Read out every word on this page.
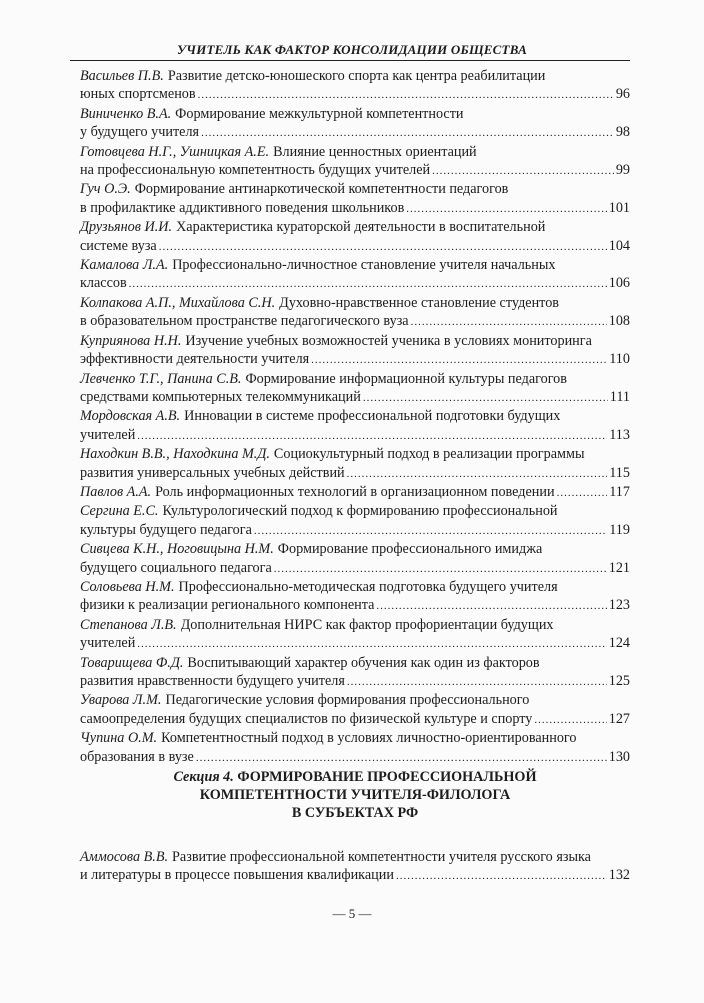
УЧИТЕЛЬ КАК ФАКТОР КОНСОЛИДАЦИИ ОБЩЕСТВА
Васильев П.В. Развитие детско-юношеского спорта как центра реабилитации
юных спортсменов .....	96
Виниченко В.А. Формирование межкультурной компетентности
у будущего учителя .....	98
Готовцева Н.Г., Ушницкая А.Е. Влияние ценностных ориентаций
на профессиональную компетентность будущих учителей .....	99
Гуч О.Э. Формирование антинаркотической компетентности педагогов
в профилактике аддиктивного поведения школьников .....	101
Друзьянов И.И. Характеристика кураторской деятельности в воспитательной
системе вуза .....	104
Камалова Л.А. Профессионально-личностное становление учителя начальных
классов .....	106
Колпакова А.П., Михайлова С.Н. Духовно-нравственное становление студентов
в образовательном пространстве педагогического вуза .....	108
Куприянова Н.Н. Изучение учебных возможностей ученика в условиях мониторинга
эффективности деятельности учителя .....	110
Левченко Т.Г., Панина С.В. Формирование информационной культуры педагогов
средствами компьютерных телекоммуникаций .....	111
Мордовская А.В. Инновации в системе профессиональной подготовки будущих
учителей .....	113
Находкин В.В., Находкина М.Д. Социокультурный подход в реализации программы
развития универсальных учебных действий .....	115
Павлов А.А. Роль информационных технологий в организационном поведении .....	117
Сергина Е.С. Культурологический подход к формированию профессиональной
культуры будущего педагога .....	119
Сивцева К.Н., Ноговицына Н.М. Формирование профессионального имиджа
будущего социального педагога .....	121
Соловьева Н.М. Профессионально-методическая подготовка будущего учителя
физики к реализации регионального компонента .....	123
Степанова Л.В. Дополнительная НИРС как фактор профориентации будущих
учителей .....	124
Товарищева Ф.Д. Воспитывающий характер обучения как один из факторов
развития нравственности будущего учителя .....	125
Уварова Л.М. Педагогические условия формирования профессионального
самоопределения будущих специалистов по физической культуре и спорту .....	127
Чупина О.М. Компетентностный подход в условиях личностно-ориентированного
образования в вузе .....	130
Секция 4. ФОРМИРОВАНИЕ ПРОФЕССИОНАЛЬНОЙ
КОМПЕТЕНТНОСТИ УЧИТЕЛЯ-ФИЛОЛОГА
В СУБЪЕКТАХ РФ
Аммосова В.В. Развитие профессиональной компетентности учителя русского языка
и литературы в процессе повышения квалификации .....	132
— 5 —
